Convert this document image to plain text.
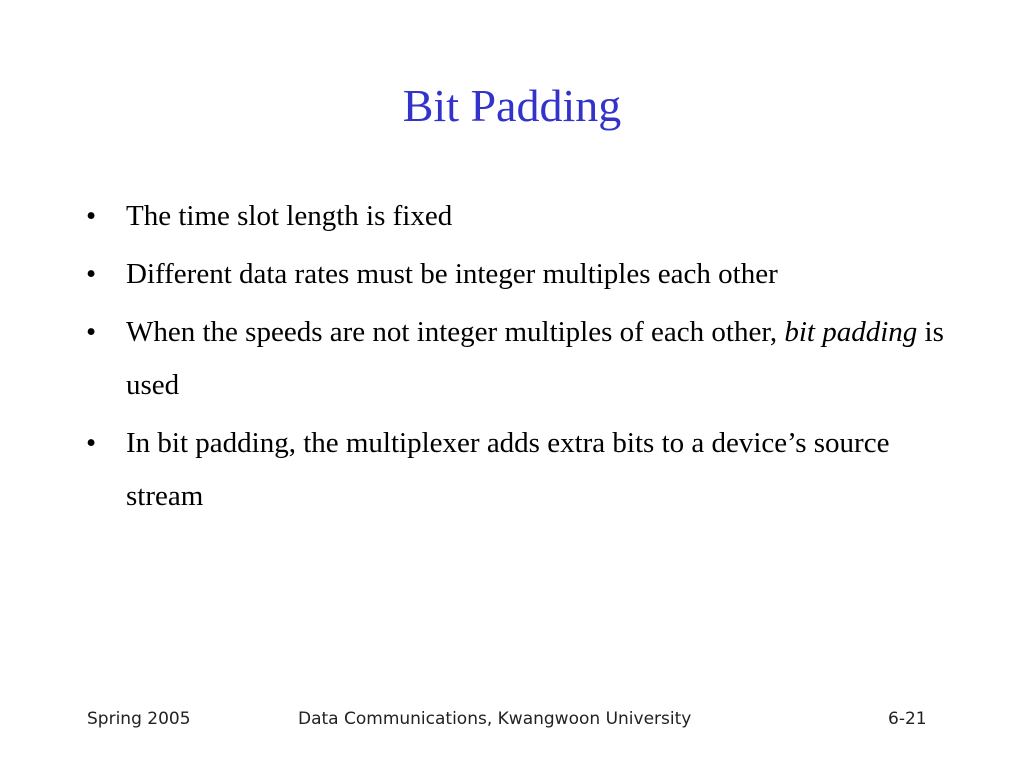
Bit Padding
•	The time slot length is fixed
•	Different data rates must be integer multiples each other
•	When the speeds are not integer multiples of each other, bit padding is used
•	In bit padding, the multiplexer adds extra bits to a device’s source stream
Spring 2005	Data Communications, Kwangwoon University	6-21
